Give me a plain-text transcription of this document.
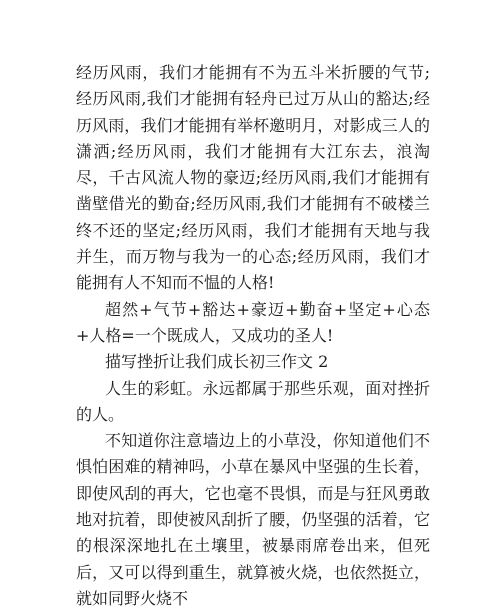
经历风雨，我们才能拥有不为五斗米折腰的气节;经历风雨,我们才能拥有轻舟已过万从山的豁达;经历风雨，我们才能拥有举杯邀明月，对影成三人的潇洒;经历风雨，我们才能拥有大江东去，浪淘尽，千古风流人物的豪迈;经历风雨,我们才能拥有凿壁借光的勤奋;经历风雨,我们才能拥有不破楼兰终不还的坚定;经历风雨，我们才能拥有天地与我并生，而万物与我为一的心态;经历风雨，我们才能拥有人不知而不愠的人格!

超然+气节+豁达+豪迈+勤奋+坚定+心态+人格=一个既成人，又成功的圣人!

描写挫折让我们成长初三作文 2

人生的彩虹。永远都属于那些乐观，面对挫折的人。

不知道你注意墙边上的小草没，你知道他们不惧怕困难的精神吗，小草在暴风中坚强的生长着，即使风刮的再大，它也毫不畏惧，而是与狂风勇敢地对抗着，即使被风刮折了腰，仍坚强的活着，它的根深深地扎在土壤里，被暴雨席卷出来，但死后，又可以得到重生，就算被火烧，也依然挺立，就如同野火烧不
